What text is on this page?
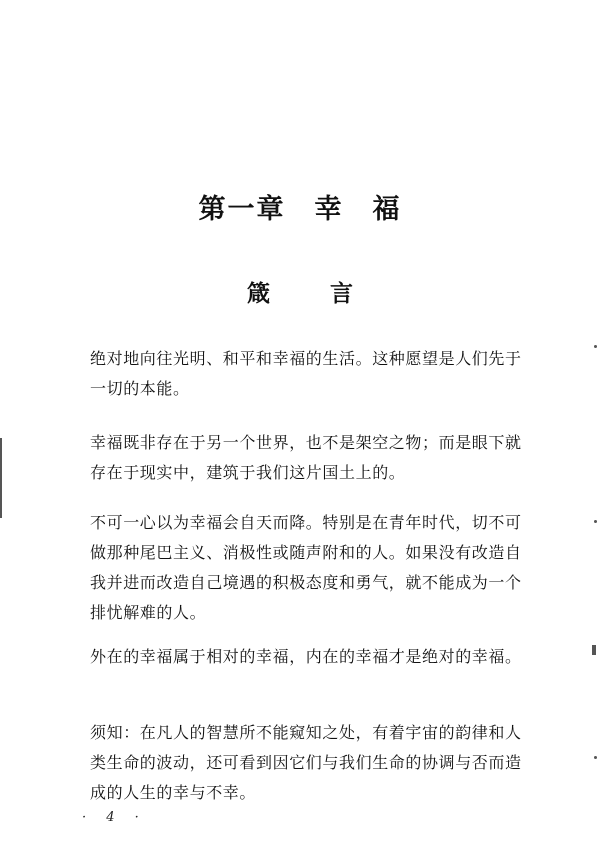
第一章　幸　福
箴言

绝对地向往光明、和平和幸福的生活。这种愿望是人们先于一切的本能。

幸福既非存在于另一个世界，也不是架空之物；而是眼下就存在于现实中，建筑于我们这片国土上的。

不可一心以为幸福会自天而降。特别是在青年时代，切不可做那种尾巴主义、消极性或随声附和的人。如果没有改造自我并进而改造自己境遇的积极态度和勇气，就不能成为一个排忧解难的人。

外在的幸福属于相对的幸福，内在的幸福才是绝对的幸福。

须知：在凡人的智慧所不能窥知之处，有着宇宙的韵律和人类生命的波动，还可看到因它们与我们生命的协调与否而造成的人生的幸与不幸。

· 4 ·
